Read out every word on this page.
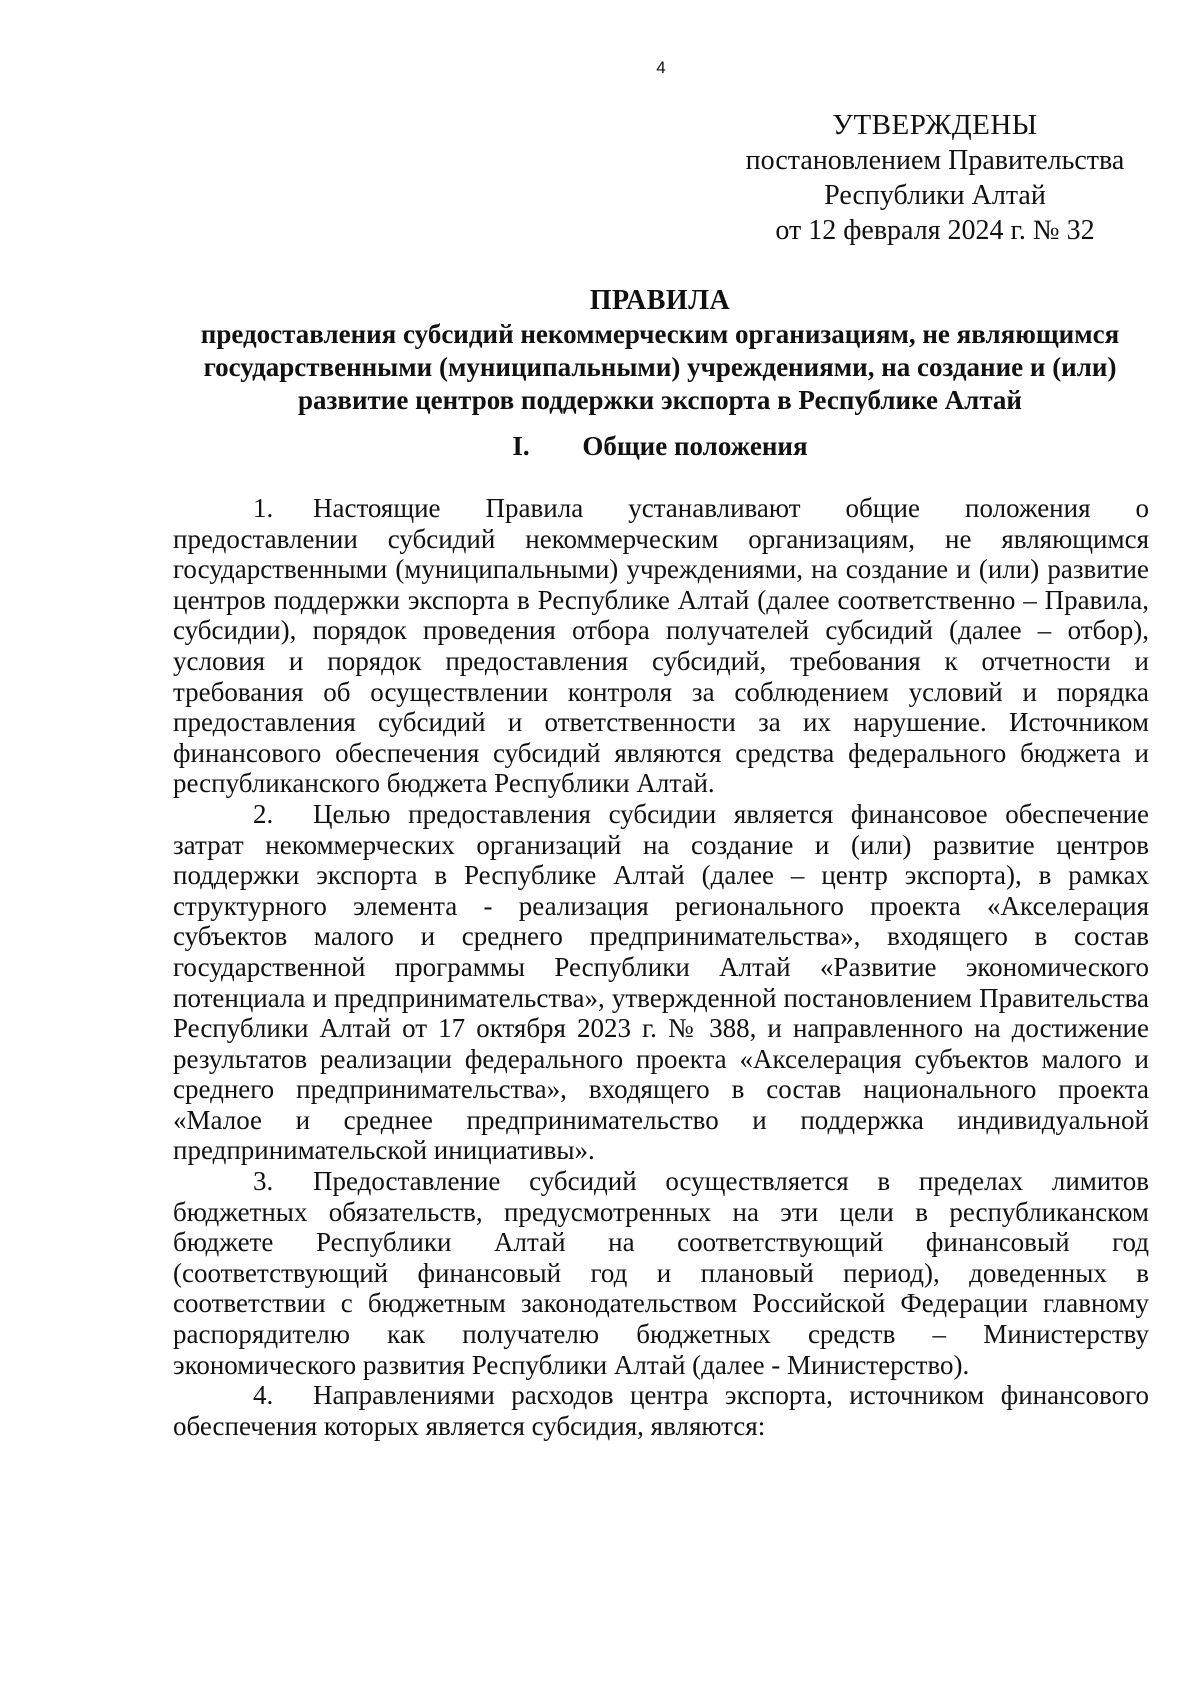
4
УТВЕРЖДЕНЫ
постановлением Правительства
Республики Алтай
от 12 февраля 2024 г. № 32
ПРАВИЛА
предоставления субсидий некоммерческим организациям, не являющимся
государственными (муниципальными) учреждениями, на создание и (или)
развитие центров поддержки экспорта в Республике Алтай
I. Общие положения

1. Настоящие Правила устанавливают общие положения о предоставлении субсидий некоммерческим организациям, не являющимся государственными (муниципальными) учреждениями, на создание и (или) развитие центров поддержки экспорта в Республике Алтай (далее соответственно – Правила, субсидии), порядок проведения отбора получателей субсидий (далее – отбор), условия и порядок предоставления субсидий, требования к отчетности и требования об осуществлении контроля за соблюдением условий и порядка предоставления субсидий и ответственности за их нарушение. Источником финансового обеспечения субсидий являются средства федерального бюджета и республиканского бюджета Республики Алтай.

2. Целью предоставления субсидии является финансовое обеспечение затрат некоммерческих организаций на создание и (или) развитие центров поддержки экспорта в Республике Алтай (далее – центр экспорта), в рамках структурного элемента - реализация регионального проекта «Акселерация субъектов малого и среднего предпринимательства», входящего в состав государственной программы Республики Алтай «Развитие экономического потенциала и предпринимательства», утвержденной постановлением Правительства Республики Алтай от 17 октября 2023 г. № 388, и направленного на достижение результатов реализации федерального проекта «Акселерация субъектов малого и среднего предпринимательства», входящего в состав национального проекта «Малое и среднее предпринимательство и поддержка индивидуальной предпринимательской инициативы».

3. Предоставление субсидий осуществляется в пределах лимитов бюджетных обязательств, предусмотренных на эти цели в республиканском бюджете Республики Алтай на соответствующий финансовый год (соответствующий финансовый год и плановый период), доведенных в соответствии с бюджетным законодательством Российской Федерации главному распорядителю как получателю бюджетных средств – Министерству экономического развития Республики Алтай (далее - Министерство).

4. Направлениями расходов центра экспорта, источником финансового обеспечения которых является субсидия, являются:
